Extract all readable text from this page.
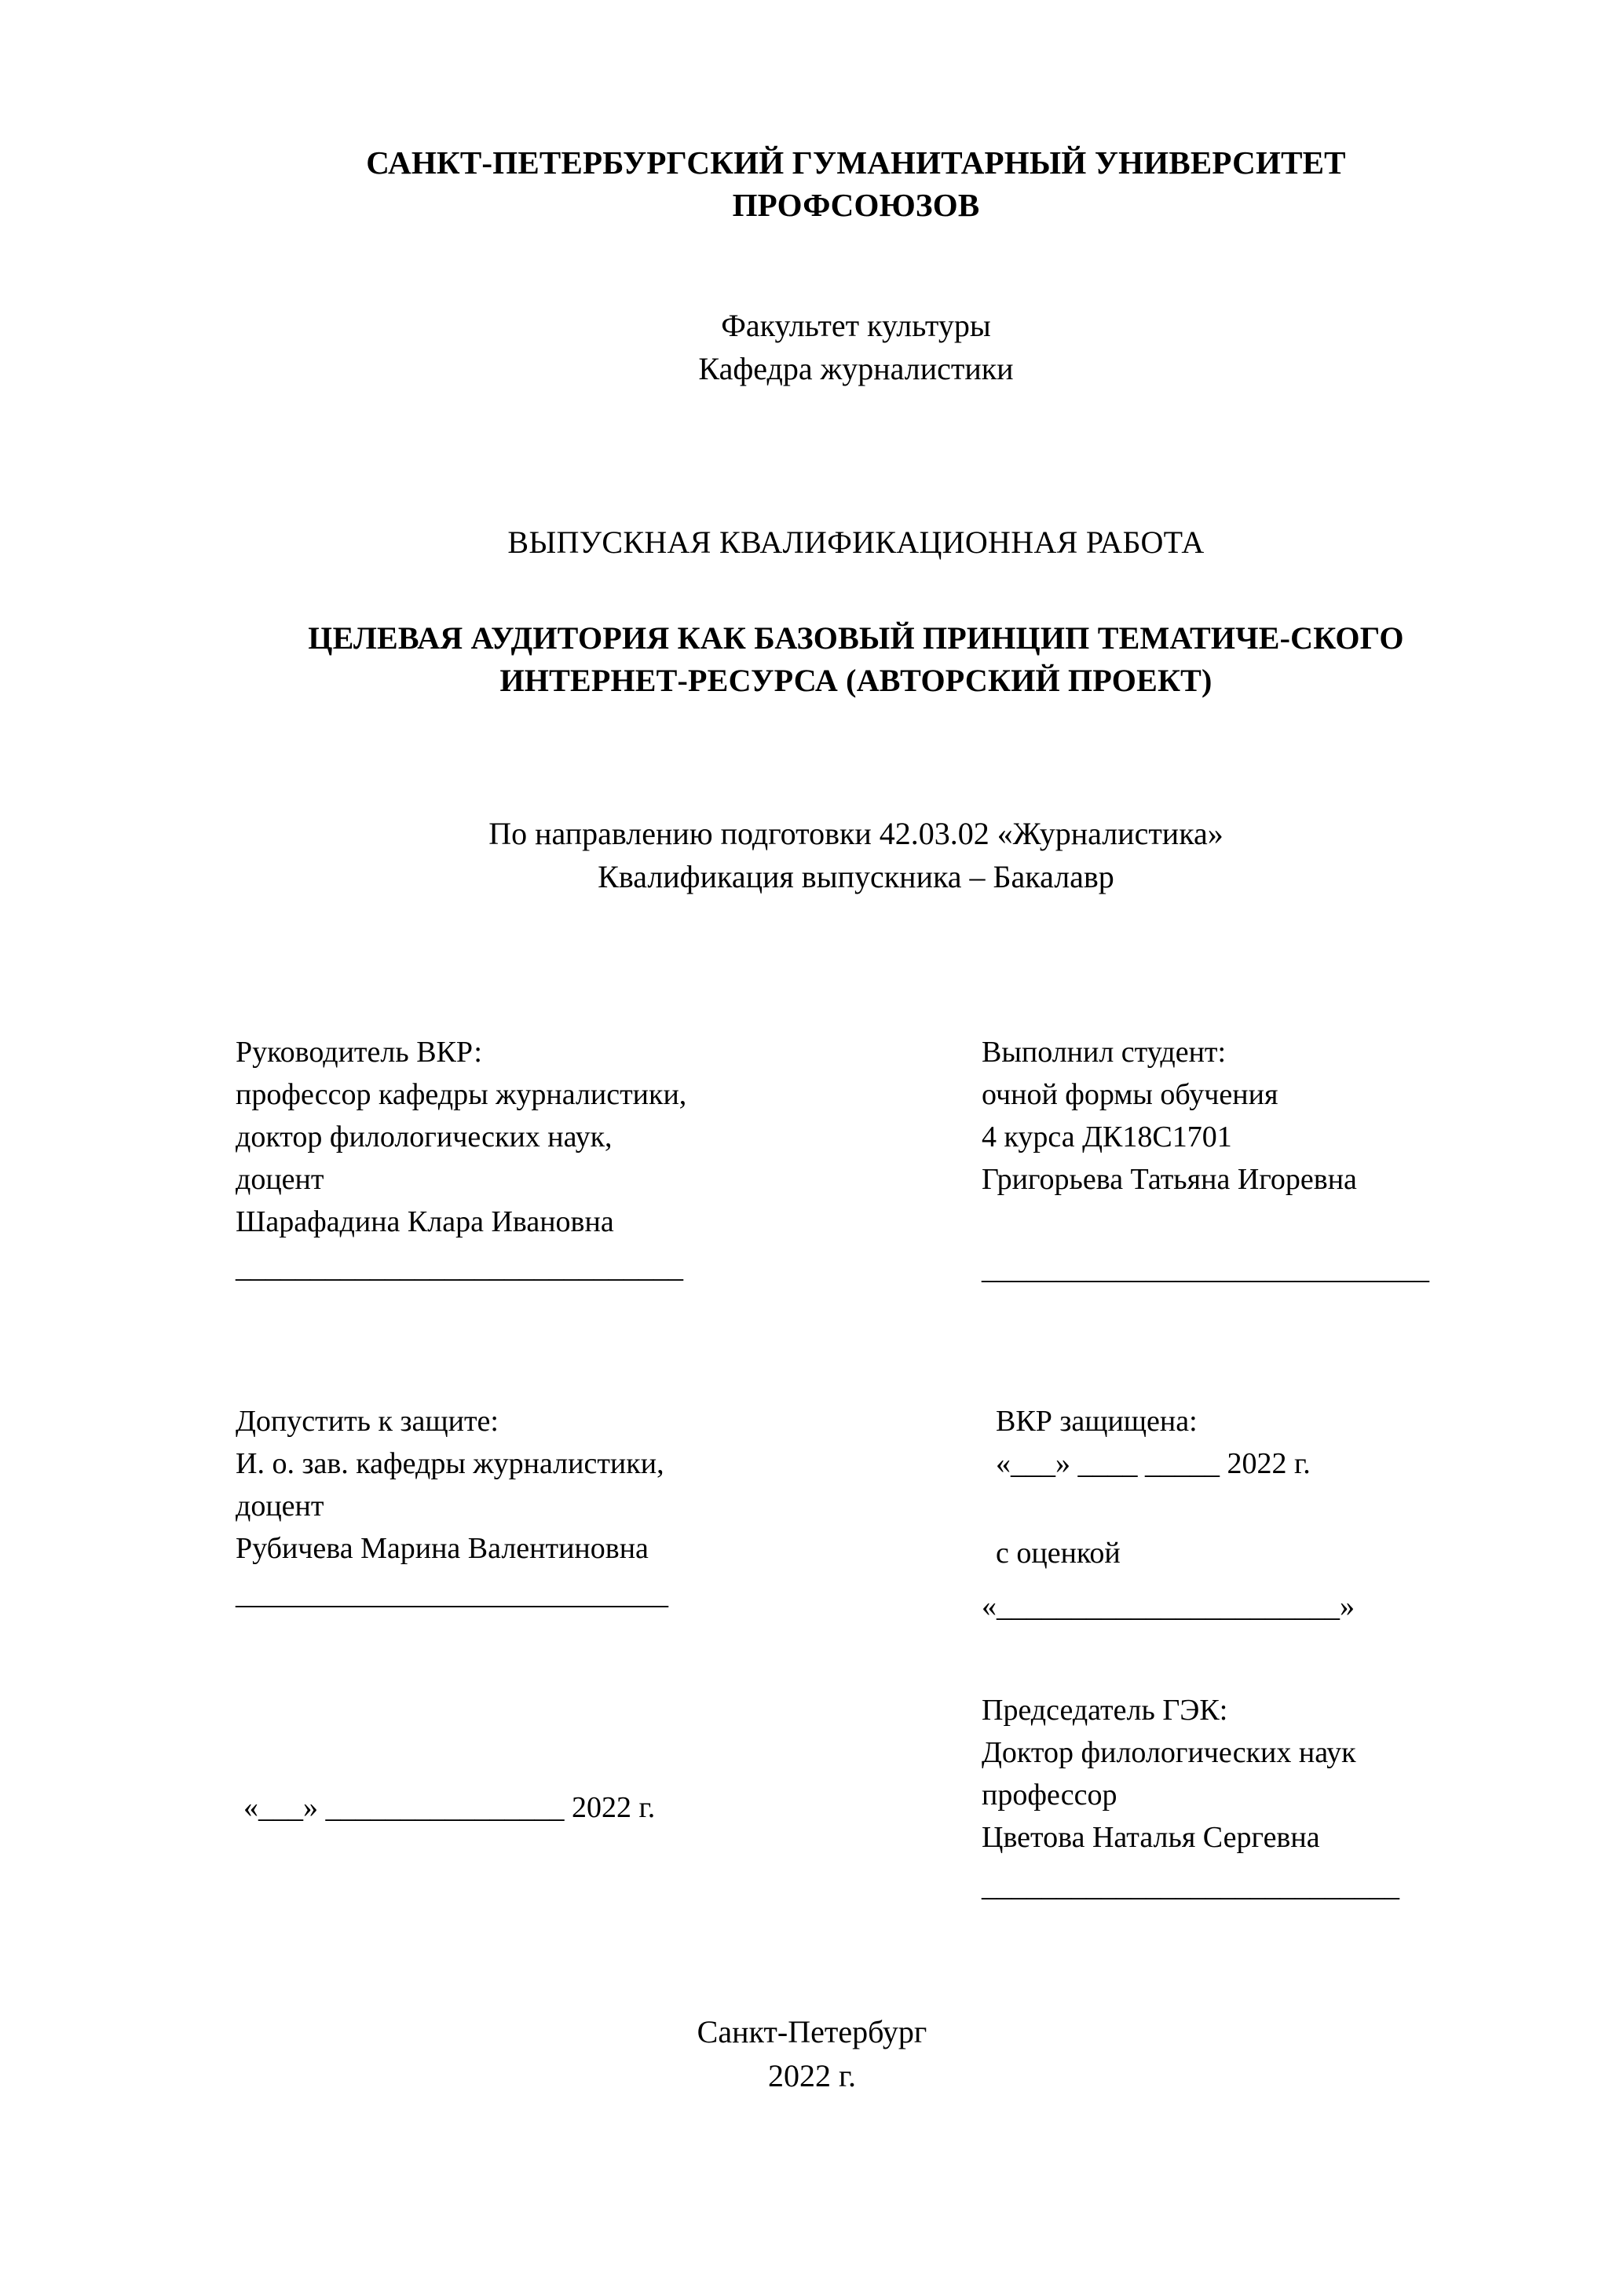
САНКТ-ПЕТЕРБУРГСКИЙ ГУМАНИТАРНЫЙ УНИВЕРСИТЕТ ПРОФСОЮЗОВ
Факультет культуры
Кафедра журналистики
ВЫПУСКНАЯ КВАЛИФИКАЦИОННАЯ РАБОТА
ЦЕЛЕВАЯ АУДИТОРИЯ КАК БАЗОВЫЙ ПРИНЦИП ТЕМАТИЧЕ-СКОГО ИНТЕРНЕТ-РЕСУРСА (АВТОРСКИЙ ПРОЕКТ)
По направлению подготовки 42.03.02 «Журналистика»
Квалификация выпускника – Бакалавр
Руководитель ВКР:
профессор кафедры журналистики,
доктор филологических наук,
доцент
Шарафадина Клара Ивановна
______________________________
Выполнил студент:
очной формы обучения
4 курса ДК18С1701
Григорьева Татьяна Игоревна
______________________________
Допустить к защите:
И. о. зав. кафедры журналистики,
доцент
Рубичева Марина Валентиновна
_____________________________
«___» ________________ 2022 г.
ВКР защищена:
«___» ____ _____ 2022 г.
с оценкой
«_______________________»
Председатель ГЭК:
Доктор филологических наук
профессор
Цветова Наталья Сергевна
____________________________
Санкт-Петербург
2022 г.
